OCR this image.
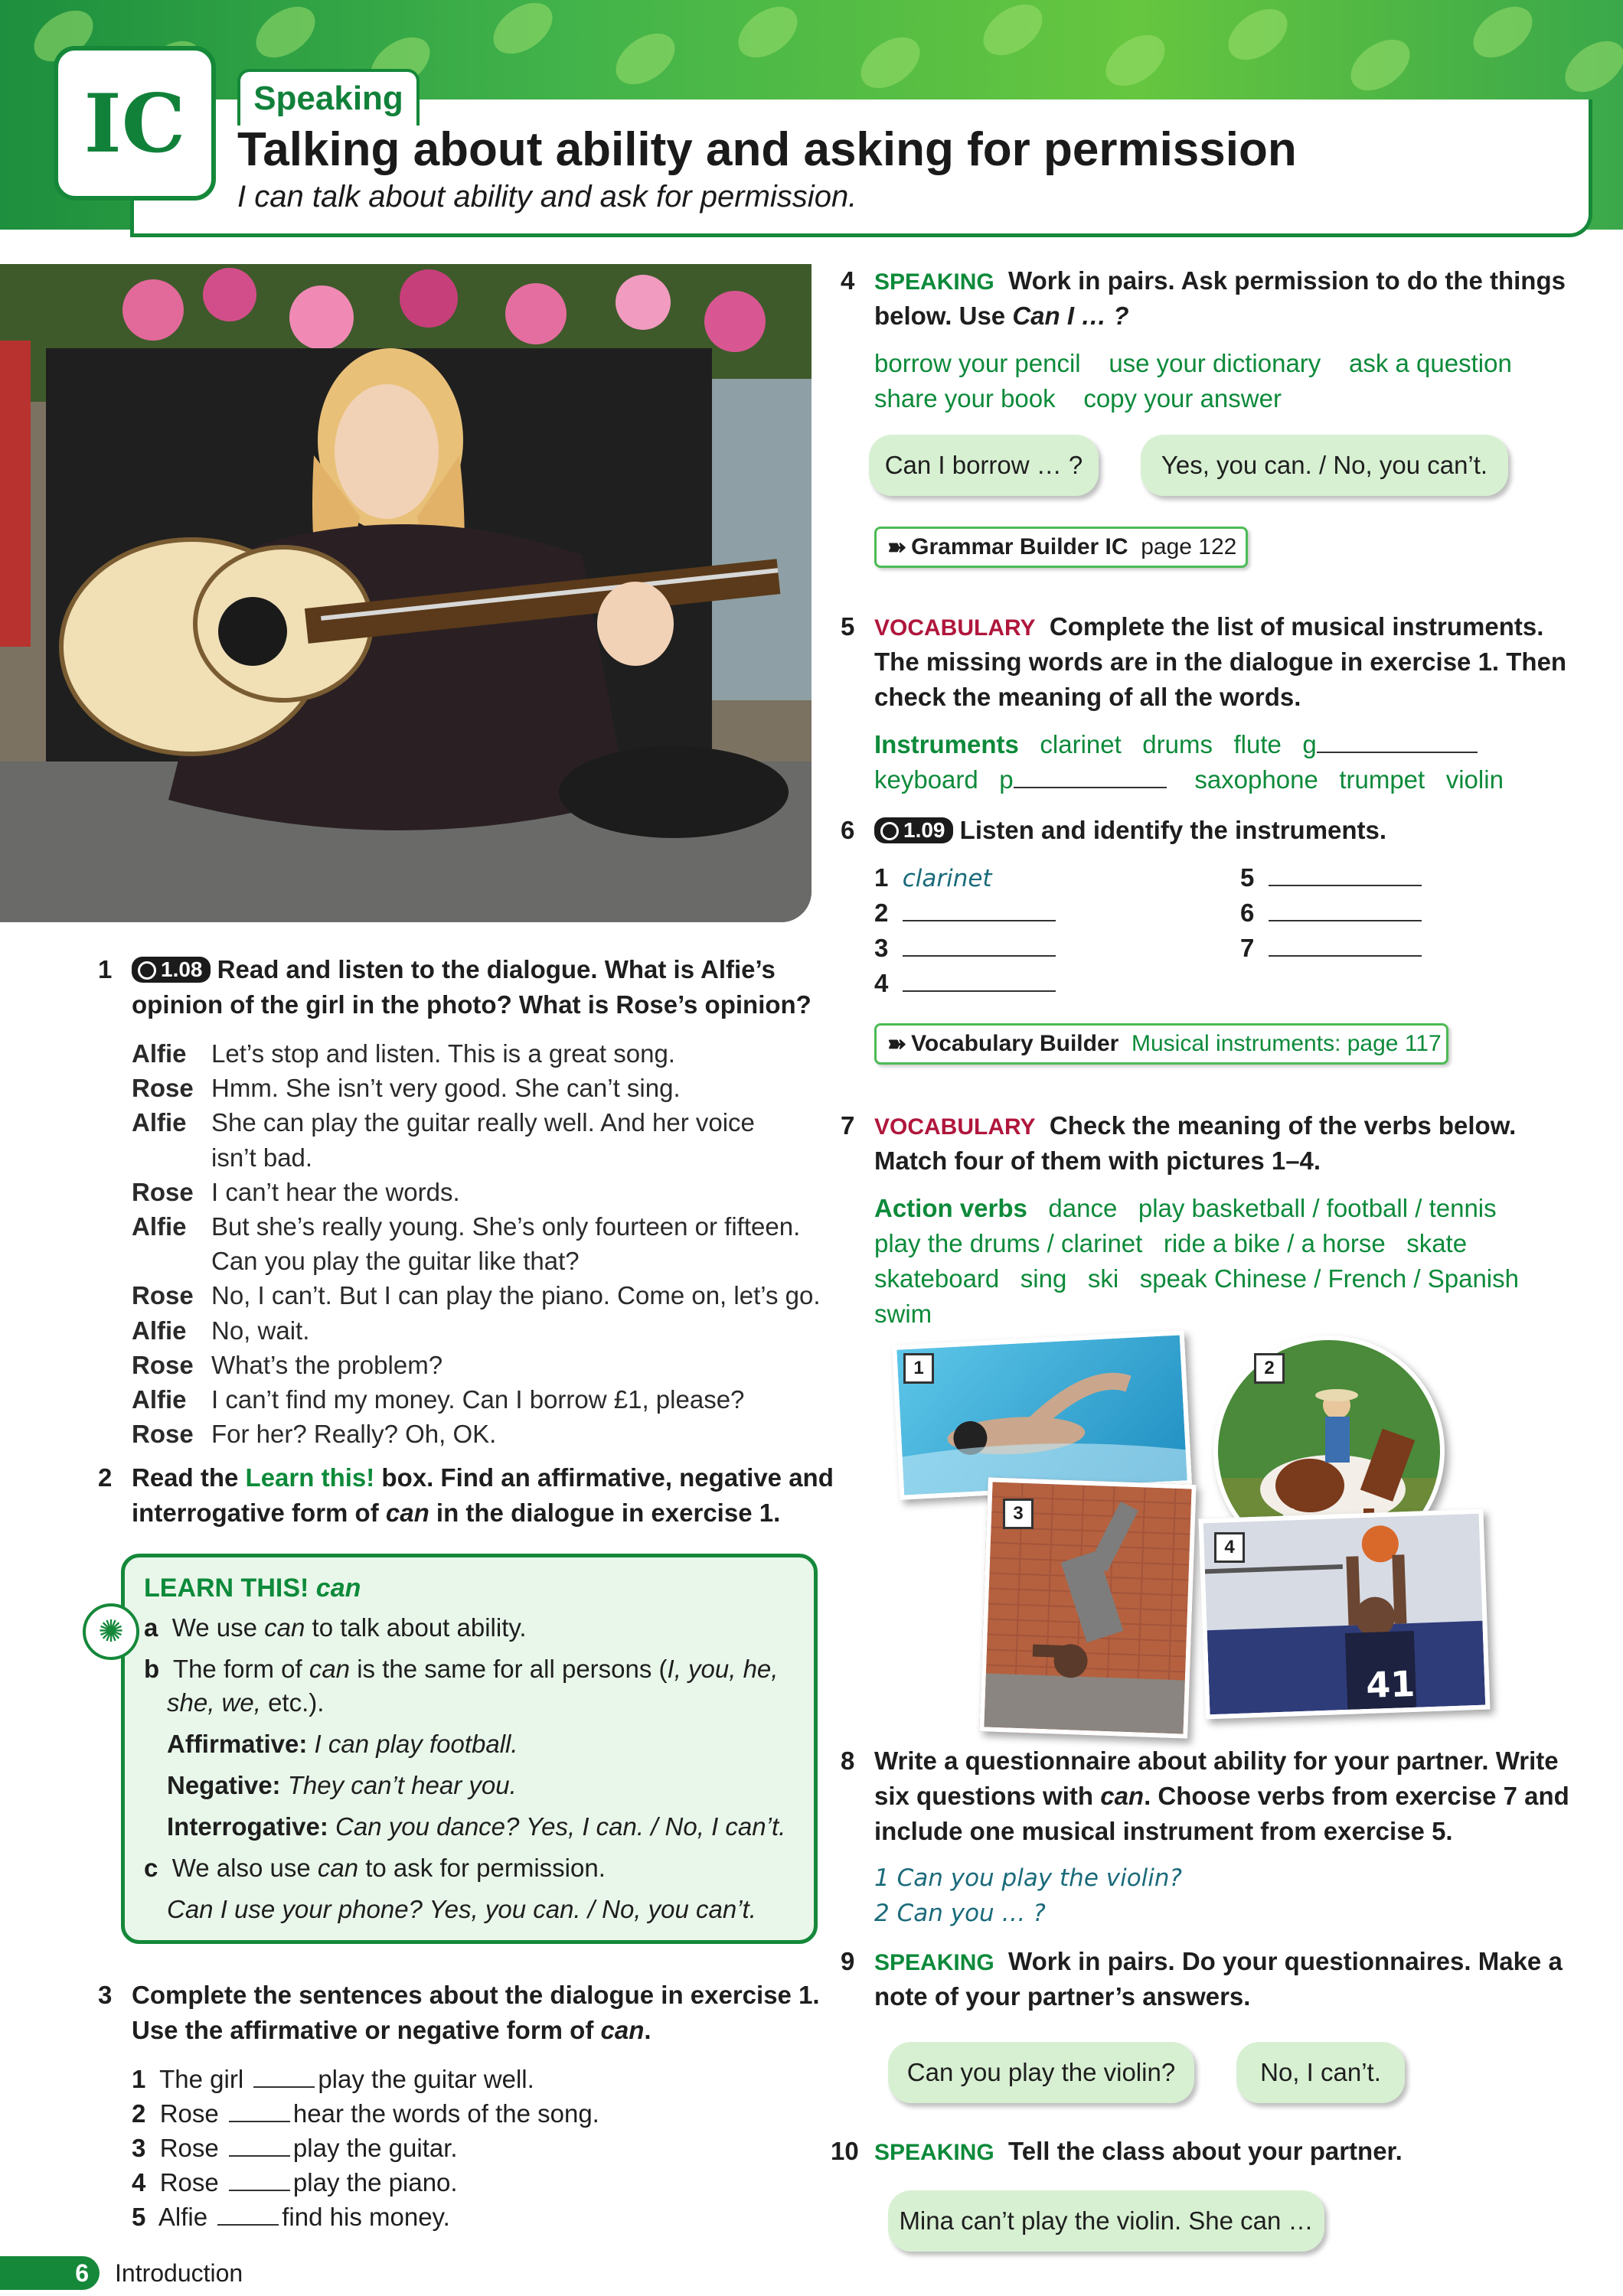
IC	Speaking
Talking about ability and asking for permission
I can talk about ability and ask for permission.
1	1.08 Read and listen to the dialogue. What is Alfie’s
opinion of the girl in the photo? What is Rose’s opinion?
Alfie Let’s stop and listen. This is a great song.
Rose Hmm. She isn’t very good. She can’t sing.
Alfie She can play the guitar really well. And her voice
isn’t bad.
Rose I can’t hear the words.
Alfie But she’s really young. She’s only fourteen or fifteen.
Can you play the guitar like that?
Rose No, I can’t. But I can play the piano. Come on, let’s go.
Alfie No, wait.
Rose What’s the problem?
Alfie I can’t find my money. Can I borrow £1, please?
Rose For her? Really? Oh, OK.
2 Read the Learn this! box. Find an affirmative, negative and
interrogative form of can in the dialogue in exercise 1.
✺
LEARN THIS! can
a We use can to talk about ability.
b The form of can is the same for all persons (I, you, he,
she, we, etc.).
Affirmative: I can play football.
Negative: They can’t hear you.
Interrogative: Can you dance? Yes, I can. / No, I can’t.
c We also use can to ask for permission.
Can I use your phone? Yes, you can. / No, you can’t.
3 Complete the sentences about the dialogue in exercise 1.
Use the affirmative or negative form of can.
1 The girl	play the guitar well.
2 Rose	hear the words of the song.
3 Rose	play the guitar.
4 Rose	play the piano.
5 Alfie	find his money.
4 SPEAKING Work in pairs. Ask permission to do the things
below. Use Can I … ?
borrow your pencil use your dictionary ask a question
share your book copy your answer
Can I borrow … ?	Yes, you can. / No, you can’t.
➽ Grammar Builder IC
page 122
5 VOCABULARY Complete the list of musical instruments.
The missing words are in the dialogue in exercise 1. Then
check the meaning of all the words.
Instruments clarinet drums flute g
keyboard p	saxophone trumpet violin
6	1.09 Listen and identify the instruments.
1 clarinet
2
3
4
5
6
7
➽ Vocabulary Builder
Musical instruments: page 117
7 VOCABULARY Check the meaning of the verbs below.
Match four of them with pictures 1–4.
Action verbs dance play basketball / football / tennis
play the drums / clarinet ride a bike / a horse skate
skateboard sing ski speak Chinese / French / Spanish
swim
1	2
3
41
4
8 Write a questionnaire about ability for your partner. Write
six questions with can. Choose verbs from exercise 7 and
include one musical instrument from exercise 5.
1 Can you play the violin?
2 Can you … ?
9 SPEAKING Work in pairs. Do your questionnaires. Make a
note of your partner’s answers.
Can you play the violin?	No, I can’t.
10 SPEAKING Tell the class about your partner.
Mina can’t play the violin. She can …
6	Introduction
